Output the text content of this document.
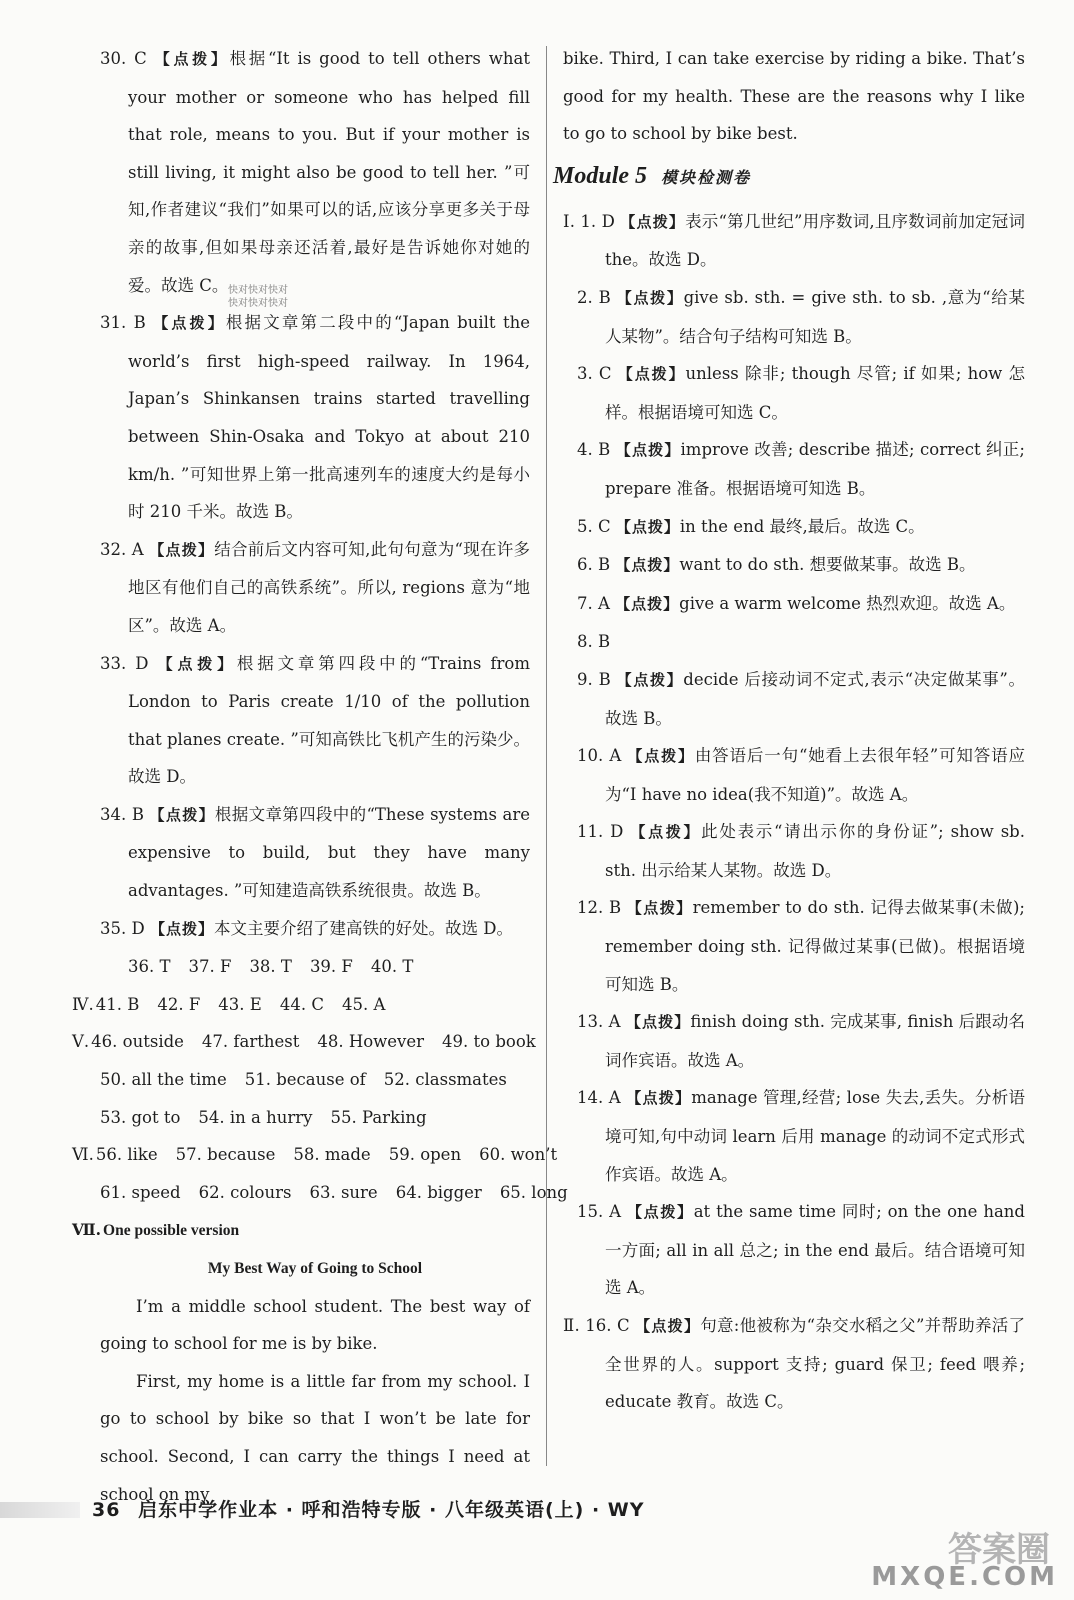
30. C 【点拨】根据“It is good to tell others what your mother or someone who has helped fill that role, means to you. But if your mother is still living, it might also be good to tell her. ”可知,作者建议“我们”如果可以的话,应该分享更多关于母亲的故事,但如果母亲还活着,最好是告诉她你对她的爱。故选 C。
31. B 【点拨】根据文章第二段中的“Japan built the world’s first high-speed railway. In 1964, Japan’s Shinkansen trains started travelling between Shin-Osaka and Tokyo at about 210 km/h. ”可知世界上第一批高速列车的速度大约是每小时 210 千米。故选 B。
32. A 【点拨】结合前后文内容可知,此句句意为“现在许多地区有他们自己的高铁系统”。所以, regions 意为“地区”。故选 A。
33. D 【点拨】根据文章第四段中的“Trains from London to Paris create 1/10 of the pollution that planes create. ”可知高铁比飞机产生的污染少。故选 D。
34. B 【点拨】根据文章第四段中的“These systems are expensive to build, but they have many advantages. ”可知建造高铁系统很贵。故选 B。
35. D 【点拨】本文主要介绍了建高铁的好处。故选 D。
36. T 37. F 38. T 39. F 40. T
Ⅳ. 41. B 42. F 43. E 44. C 45. A
Ⅴ. 46. outside 47. farthest 48. However 49. to book
50. all the time 51. because of 52. classmates
53. got to 54. in a hurry 55. Parking
Ⅵ. 56. like 57. because 58. made 59. open 60. won’t
61. speed 62. colours 63. sure 64. bigger 65. long
Ⅶ. One possible version
My Best Way of Going to School
I’m a middle school student. The best way of going to school for me is by bike.
First, my home is a little far from my school. I go to school by bike so that I won’t be late for school. Second, I can carry the things I need at school on my
快对快对快对
快对快对快对
bike. Third, I can take exercise by riding a bike. That’s good for my health. These are the reasons why I like to go to school by bike best.
Module 5 模块检测卷
Ⅰ. 1. D 【点拨】表示“第几世纪”用序数词,且序数词前加定冠词 the。故选 D。
2. B 【点拨】give sb. sth. = give sth. to sb. ,意为“给某人某物”。结合句子结构可知选 B。
3. C 【点拨】unless 除非; though 尽管; if 如果; how 怎样。根据语境可知选 C。
4. B 【点拨】improve 改善; describe 描述; correct 纠正; prepare 准备。根据语境可知选 B。
5. C 【点拨】in the end 最终,最后。故选 C。
6. B 【点拨】want to do sth. 想要做某事。故选 B。
7. A 【点拨】give a warm welcome 热烈欢迎。故选 A。
8. B
9. B 【点拨】decide 后接动词不定式,表示“决定做某事”。故选 B。
10. A 【点拨】由答语后一句“她看上去很年轻”可知答语应为“I have no idea(我不知道)”。故选 A。
11. D 【点拨】此处表示“请出示你的身份证”; show sb. sth. 出示给某人某物。故选 D。
12. B 【点拨】remember to do sth. 记得去做某事(未做); remember doing sth. 记得做过某事(已做)。根据语境可知选 B。
13. A 【点拨】finish doing sth. 完成某事, finish 后跟动名词作宾语。故选 A。
14. A 【点拨】manage 管理,经营; lose 失去,丢失。分析语境可知,句中动词 learn 后用 manage 的动词不定式形式作宾语。故选 A。
15. A 【点拨】at the same time 同时; on the one hand 一方面; all in all 总之; in the end 最后。结合语境可知选 A。
Ⅱ. 16. C 【点拨】句意:他被称为“杂交水稻之父”并帮助养活了全世界的人。support 支持; guard 保卫; feed 喂养; educate 教育。故选 C。
36 启东中学作业本 · 呼和浩特专版 · 八年级英语(上) · WY
答案圈
MXQE.COM
